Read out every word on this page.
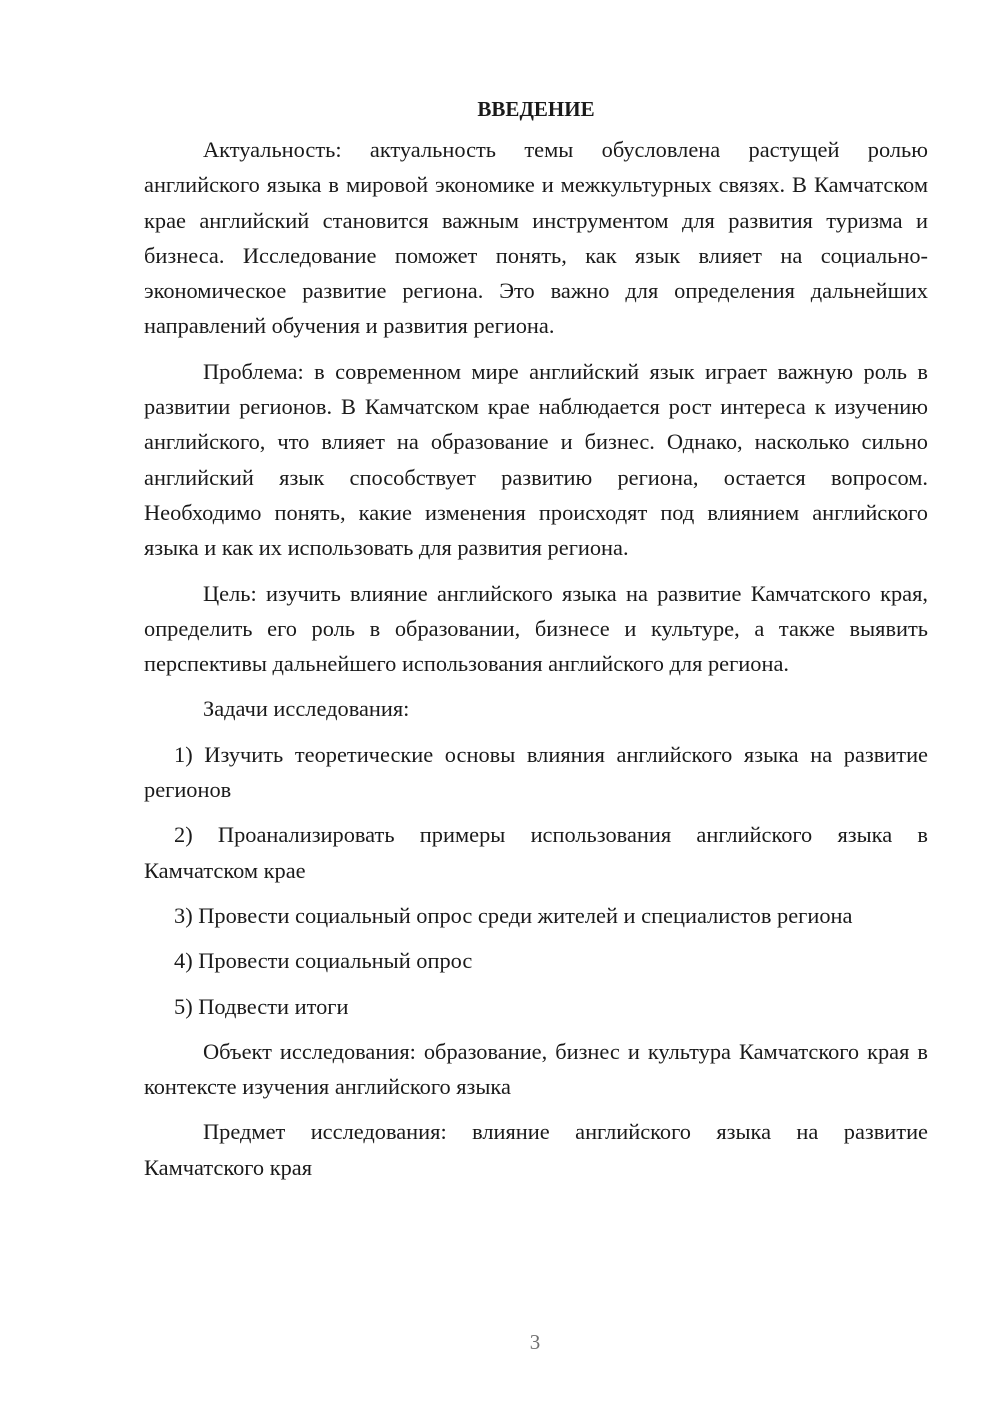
ВВЕДЕНИЕ

Актуальность: актуальность темы обусловлена растущей ролью английского языка в мировой экономике и межкультурных связях. В Камчатском крае английский становится важным инструментом для развития туризма и бизнеса. Исследование поможет понять, как язык влияет на социально-экономическое развитие региона. Это важно для определения дальнейших направлений обучения и развития региона.

Проблема: в современном мире английский язык играет важную роль в развитии регионов. В Камчатском крае наблюдается рост интереса к изучению английского, что влияет на образование и бизнес. Однако, насколько сильно английский язык способствует развитию региона, остается вопросом. Необходимо понять, какие изменения происходят под влиянием английского языка и как их использовать для развития региона.

Цель: изучить влияние английского языка на развитие Камчатского края, определить его роль в образовании, бизнесе и культуре, а также выявить перспективы дальнейшего использования английского для региона.

Задачи исследования:

1) Изучить теоретические основы влияния английского языка на развитие регионов

2) Проанализировать примеры использования английского языка в Камчатском крае

3) Провести социальный опрос среди жителей и специалистов региона

4) Провести социальный опрос

5) Подвести итоги

Объект исследования: образование, бизнес и культура Камчатского края в контексте изучения английского языка

Предмет исследования: влияние английского языка на развитие Камчатского края

3
